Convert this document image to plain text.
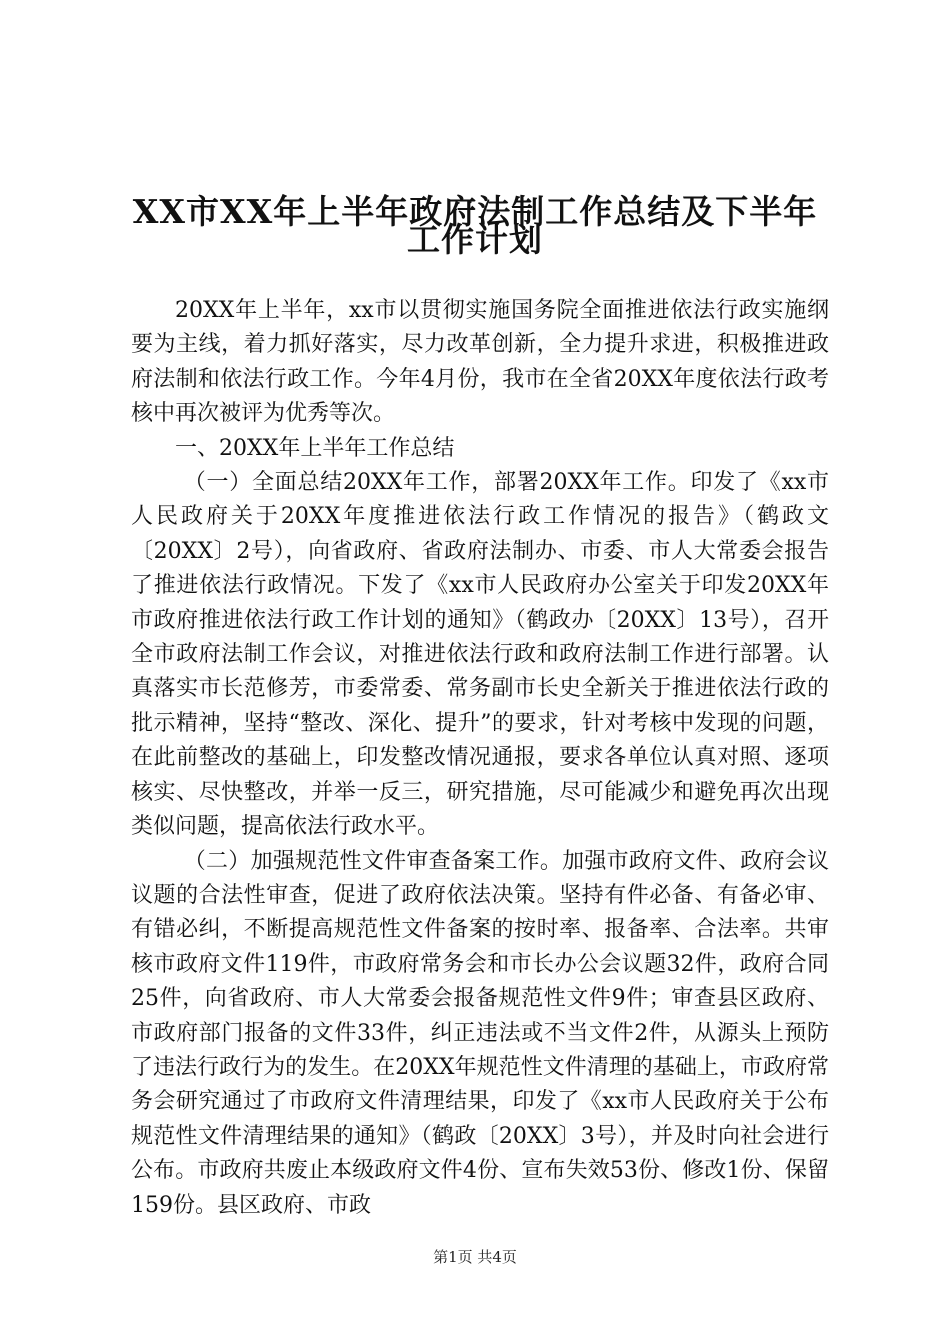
XX市XX年上半年政府法制工作总结及下半年
工作计划

20XX年上半年，xx市以贯彻实施国务院全面推进依法行政实施纲要为主线，着力抓好落实，尽力改革创新，全力提升求进，积极推进政府法制和依法行政工作。今年4月份，我市在全省20XX年度依法行政考核中再次被评为优秀等次。

一、20XX年上半年工作总结

（一）全面总结20XX年工作，部署20XX年工作。印发了《xx市人民政府关于20XX年度推进依法行政工作情况的报告》（鹤政文〔20XX〕2号），向省政府、省政府法制办、市委、市人大常委会报告了推进依法行政情况。下发了《xx市人民政府办公室关于印发20XX年市政府推进依法行政工作计划的通知》（鹤政办〔20XX〕13号），召开全市政府法制工作会议，对推进依法行政和政府法制工作进行部署。认真落实市长范修芳，市委常委、常务副市长史全新关于推进依法行政的批示精神，坚持“整改、深化、提升”的要求，针对考核中发现的问题，在此前整改的基础上，印发整改情况通报，要求各单位认真对照、逐项核实、尽快整改，并举一反三，研究措施，尽可能减少和避免再次出现类似问题，提高依法行政水平。

（二）加强规范性文件审查备案工作。加强市政府文件、政府会议议题的合法性审查，促进了政府依法决策。坚持有件必备、有备必审、有错必纠，不断提高规范性文件备案的按时率、报备率、合法率。共审核市政府文件119件，市政府常务会和市长办公会议题32件，政府合同25件，向省政府、市人大常委会报备规范性文件9件；审查县区政府、市政府部门报备的文件33件，纠正违法或不当文件2件，从源头上预防了违法行政行为的发生。在20XX年规范性文件清理的基础上，市政府常务会研究通过了市政府文件清理结果，印发了《xx市人民政府关于公布规范性文件清理结果的通知》（鹤政〔20XX〕3号），并及时向社会进行公布。市政府共废止本级政府文件4份、宣布失效53份、修改1份、保留159份。县区政府、市政

第1页 共4页
